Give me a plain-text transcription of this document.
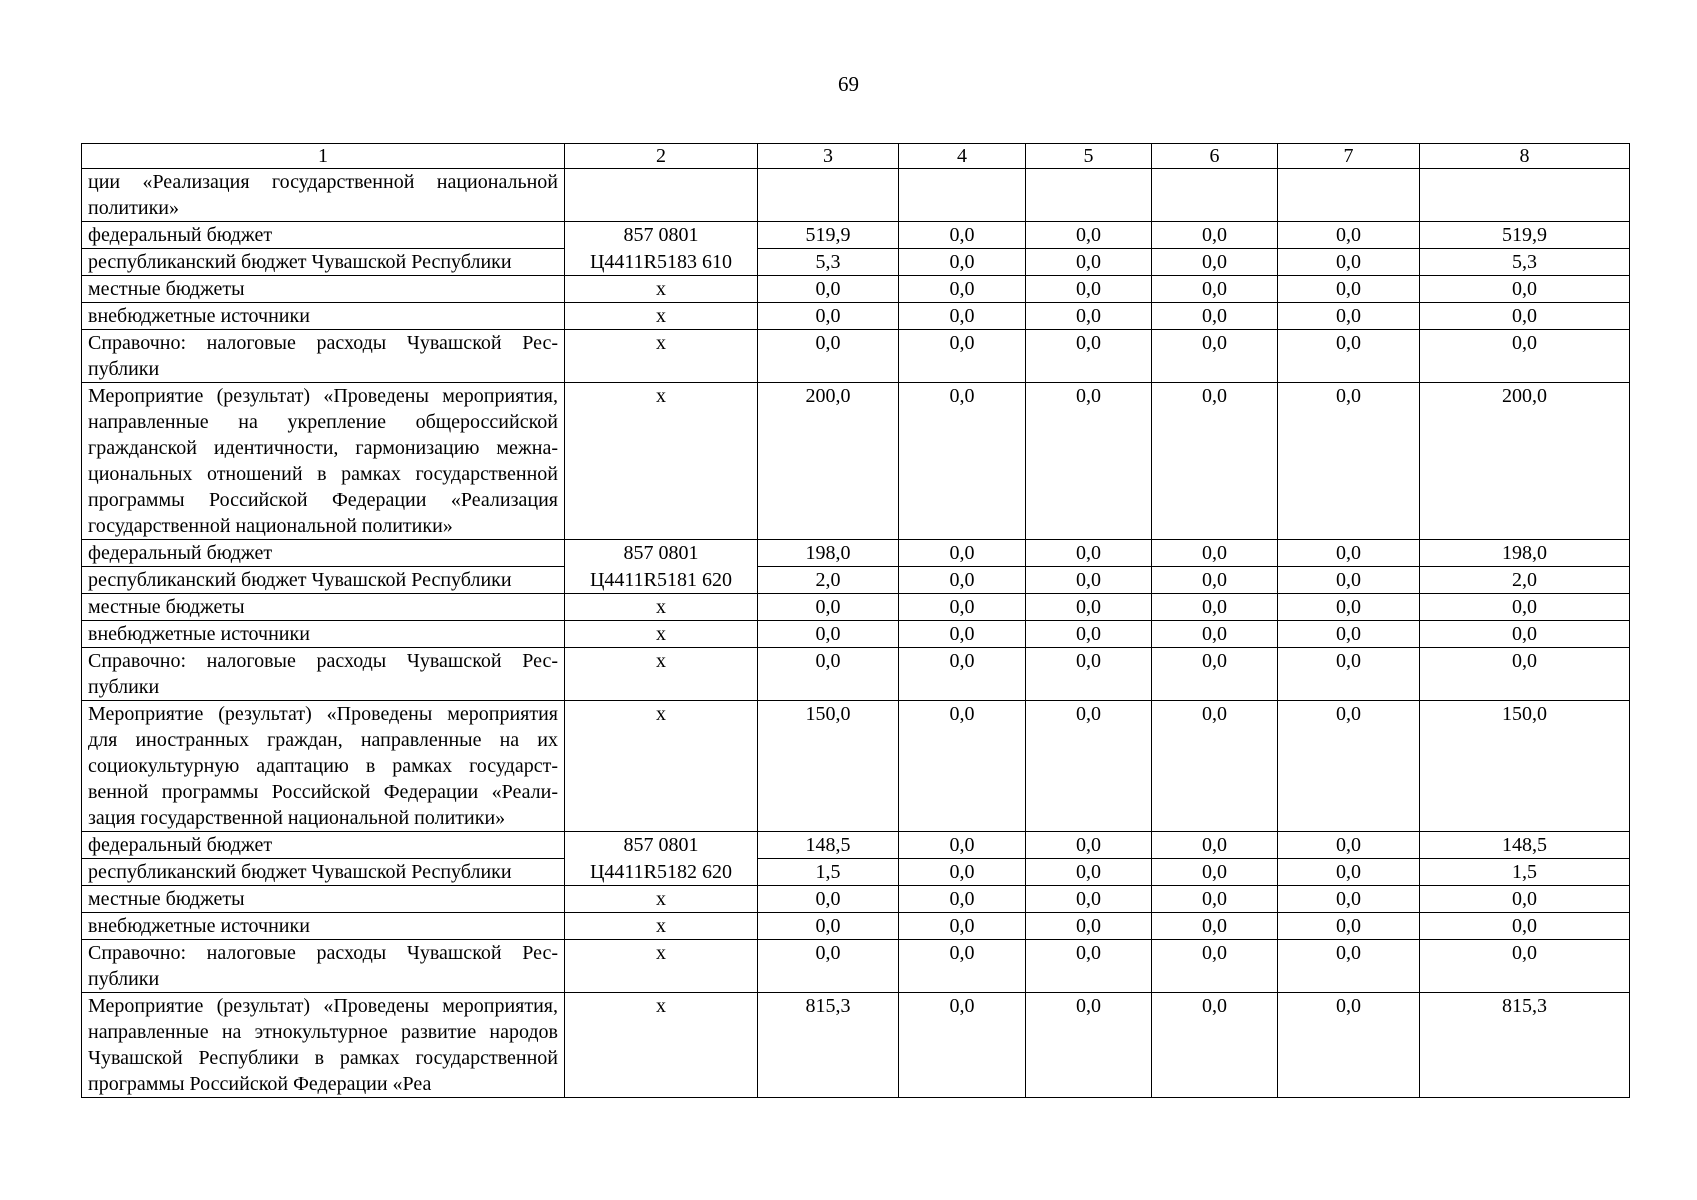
69
1	2	3	4	5	6	7	8
ции «Реализация государственной национальной политики»							
федеральный бюджет	857 0801	519,9	0,0	0,0	0,0	0,0	519,9
республиканский бюджет Чувашской Республики	Ц4411R5183 610	5,3	0,0	0,0	0,0	0,0	5,3
местные бюджеты	x	0,0	0,0	0,0	0,0	0,0	0,0
внебюджетные источники	x	0,0	0,0	0,0	0,0	0,0	0,0
Справочно: налоговые расходы Чувашской Республики	x	0,0	0,0	0,0	0,0	0,0	0,0
Мероприятие (результат) «Проведены мероприятия, направленные на укрепление общероссийской гражданской идентичности, гармонизацию межнациональных отношений в рамках государственной программы Российской Федерации «Реализация государственной национальной политики»	x	200,0	0,0	0,0	0,0	0,0	200,0
федеральный бюджет	857 0801	198,0	0,0	0,0	0,0	0,0	198,0
республиканский бюджет Чувашской Республики	Ц4411R5181 620	2,0	0,0	0,0	0,0	0,0	2,0
местные бюджеты	x	0,0	0,0	0,0	0,0	0,0	0,0
внебюджетные источники	x	0,0	0,0	0,0	0,0	0,0	0,0
Справочно: налоговые расходы Чувашской Республики	x	0,0	0,0	0,0	0,0	0,0	0,0
Мероприятие (результат) «Проведены мероприятия для иностранных граждан, направленные на их социокультурную адаптацию в рамках государственной программы Российской Федерации «Реализация государственной национальной политики»	x	150,0	0,0	0,0	0,0	0,0	150,0
федеральный бюджет	857 0801	148,5	0,0	0,0	0,0	0,0	148,5
республиканский бюджет Чувашской Республики	Ц4411R5182 620	1,5	0,0	0,0	0,0	0,0	1,5
местные бюджеты	x	0,0	0,0	0,0	0,0	0,0	0,0
внебюджетные источники	x	0,0	0,0	0,0	0,0	0,0	0,0
Справочно: налоговые расходы Чувашской Республики	x	0,0	0,0	0,0	0,0	0,0	0,0
Мероприятие (результат) «Проведены мероприятия, направленные на этнокультурное развитие народов Чувашской Республики в рамках государственной программы Российской Федерации «Реа	x	815,3	0,0	0,0	0,0	0,0	815,3
